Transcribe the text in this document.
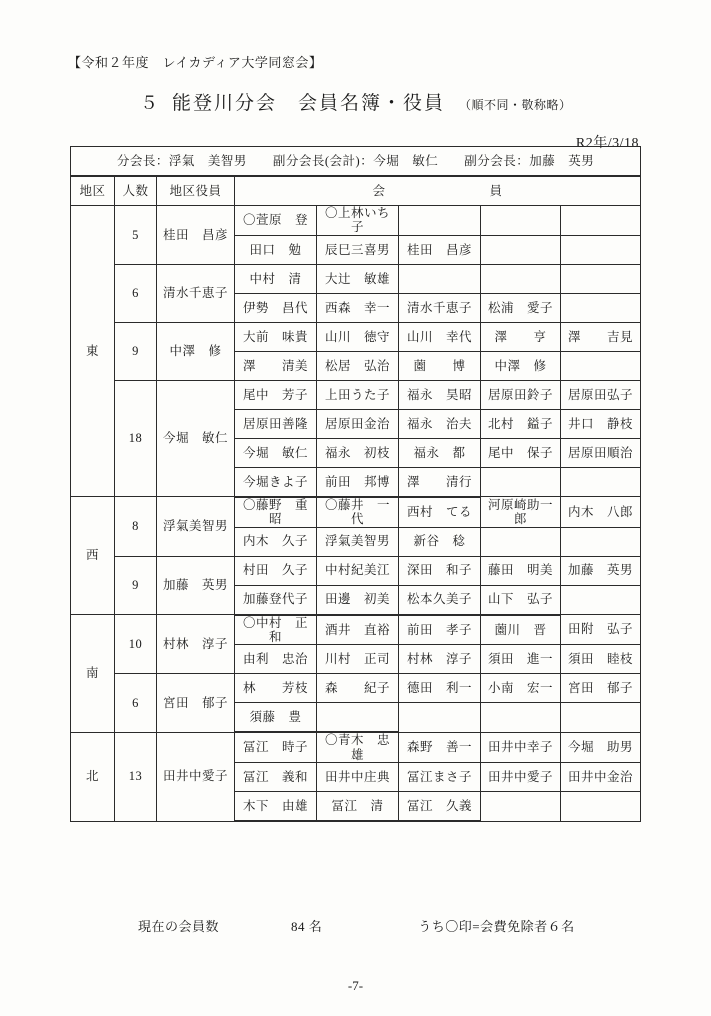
【令和２年度　レイカディア大学同窓会】
５ 能登川分会　会員名簿・役員 （順不同・敬称略）
R2年/3/18
分会長：浮氣　美智男　　副分会長(会計)：今堀　敏仁　　副分会長：加藤　英男							
地区	人数	地区役員	会　　　　　　　　員				
東	5	桂田　昌彦	〇萱原　登	〇上林いち子			
			田口　勉	辰巳三喜男	桂田　昌彦		
	6	清水千恵子	中村　清	大辻　敏雄			
			伊勢　昌代	西森　幸一	清水千恵子	松浦　愛子	
	9	中澤　修	大前　味貴	山川　徳守	山川　幸代	澤　　亨	澤　　吉見
			澤　　清美	松居　弘治	薗　　博	中澤　修	
	18	今堀　敏仁	尾中　芳子	上田うた子	福永　昊昭	居原田鈴子	居原田弘子
			居原田善隆	居原田金治	福永　治夫	北村　鎰子	井口　静枝
			今堀　敏仁	福永　初枝	福永　都	尾中　保子	居原田順治
			今堀きよ子	前田　邦博	澤　　清行		
西	8	浮氣美智男	〇藤野　重昭	〇藤井　一代	西村　てる	河原崎助一郎	内木　八郎
			内木　久子	浮氣美智男	新谷　稔		
	9	加藤　英男	村田　久子	中村紀美江	深田　和子	藤田　明美	加藤　英男
			加藤登代子	田邊　初美	松本久美子	山下　弘子	
南	10	村林　淳子	〇中村　正和	酒井　直裕	前田　孝子	薗川　晋	田附　弘子
			由利　忠治	川村　正司	村林　淳子	須田　進一	須田　睦枝
	6	宮田　郁子	林　　芳枝	森　　紀子	德田　利一	小南　宏一	宮田　郁子
			須藤　豊				
北	13	田井中愛子	冨江　時子	〇青木　忠雄	森野　善一	田井中幸子	今堀　助男
			冨江　義和	田井中庄典	冨江まさ子	田井中愛子	田井中金治
			木下　由雄	冨江　清	冨江　久義		
現在の会員数	84 名	うち〇印=会費免除者６名
-7-
